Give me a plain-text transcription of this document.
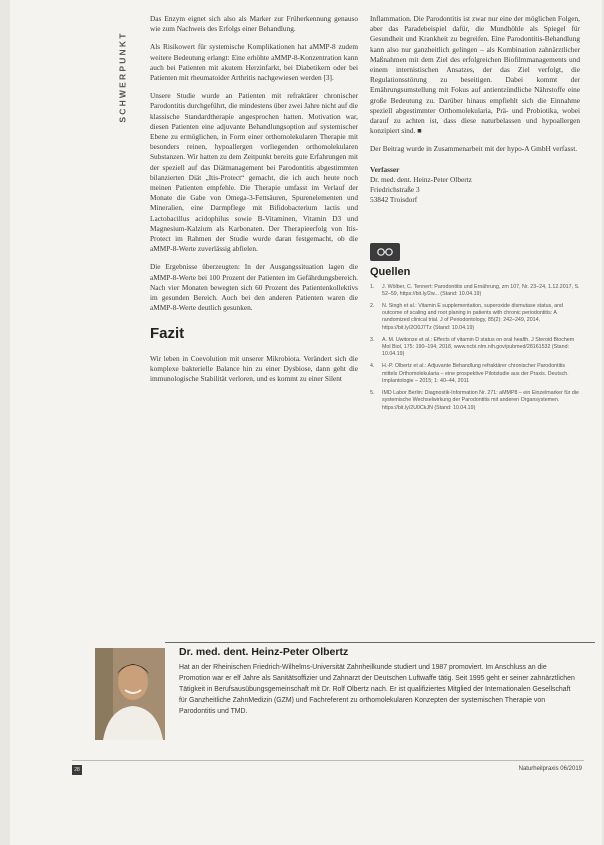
SCHWERPUNKT

Das Enzym eignet sich also als Marker zur Früherkennung genauso wie zum Nachweis des Erfolgs einer Behandlung.

Als Risikowert für systemische Komplikationen hat aMMP-8 zudem weitere Bedeutung erlangt: Eine erhöhte aMMP-8-Konzentration kann auch bei Patienten mit akutem Herzinfarkt, bei Diabetikern oder bei Patienten mit rheumatoider Arthritis nachgewiesen werden [3].

Unsere Studie wurde an Patienten mit refraktärer chronischer Parodontitis durchgeführt, die mindestens über zwei Jahre nicht auf die klassische Standardtherapie angesprochen hatten. Motivation war, diesen Patienten eine adjuvante Behandlungsoption auf systemischer Ebene zu ermöglichen, in Form einer orthomolekularen Therapie mit besonders reinen, hypoallergen vorliegenden orthomolekularen Substanzen. Wir hatten zu dem Zeitpunkt bereits gute Erfahrungen mit der speziell auf das Diätmanagement bei Parodontitis abgestimmten bilanzierten Diät „Itis-Protect“ gemacht, die ich auch heute noch meinen Patienten empfehle. Die Therapie umfasst im Verlauf der Monate die Gabe von Omega-3-Fettsäuren, Spurenelementen und Mineralien, eine Darmpflege mit Bifidobacterium lactis und Lactobacillus acidophilus sowie B-Vitaminen, Vitamin D3 und Magnesium-Kalzium als Karbonaten. Der Therapieerfolg von Itis-Protect im Rahmen der Studie wurde daran festgemacht, ob die aMMP-8-Werte zuverlässig abfielen.

Die Ergebnisse überzeugten: In der Ausgangssituation lagen die aMMP-8-Werte bei 100 Prozent der Patienten im Gefährdungsbereich. Nach vier Monaten bewegten sich 60 Prozent des Patientenkollektivs im gesunden Bereich. Auch bei den anderen Patienten waren die aMMP-8-Werte deutlich gesunken.

Fazit

Wir leben in Coevolution mit unserer Mikrobiota. Verändert sich die komplexe bakterielle Balance hin zu einer Dysbiose, dann geht die immunologische Stabilität verloren, und es kommt zu einer Silent

Inflammation. Die Parodontitis ist zwar nur eine der möglichen Folgen, aber das Paradebeispiel dafür, die Mundhöhle als Spiegel für Gesundheit und Krankheit zu begreifen. Eine Parodontitis-Behandlung kann also nur ganzheitlich gelingen – als Kombination zahnärztlicher Maßnahmen mit dem Ziel des erfolgreichen Biofilmmanagements und einem internistischen Ansatzes, der das Ziel verfolgt, die Regulationsstörung zu beseitigen. Dabei kommt der Ernährungsumstellung mit Fokus auf antientzündliche Nährstoffe eine große Bedeutung zu. Darüber hinaus empfiehlt sich die Einnahme speziell abgestimmter Orthomolekularia, Prä- und Probiotika, wobei darauf zu achten ist, dass diese naturbelassen und hypoallergen konzipiert sind. ■

Der Beitrag wurde in Zusammenarbeit mit der hypo-A GmbH verfasst.

Verfasser
Dr. med. dent. Heinz-Peter Olbertz
Friedrichstraße 3
53842 Troisdorf
Quellen
1.	J. Wölber, C. Tennert: Parodontitis und Ernährung, zm 107, Nr. 23–24, 1.12.2017, S. 52–59, https://bit.ly/2w... (Stand: 10.04.19)
2.	N. Singh et al.: Vitamin E supplementation, superoxide dismutase status, and outcome of scaling and root planing in patients with chronic periodontitis: A randomized clinical trial. J of Periodontology, 85(2): 242–249, 2014, https://bit.ly/2O0J7Tz (Stand: 10.04.19)
3.	A. M. Uwitonze et al.: Effects of vitamin D status on oral health. J Steroid Biochem Mol Biol, 175: 190–194, 2018, www.ncbi.nlm.nih.gov/pubmed/28161532 (Stand: 10.04.19)
4.	H.-P. Olbertz et al.: Adjuvante Behandlung refraktärer chronischer Parodontitis mittels Orthomolekularia – eine prospektive Pilotstudie aus der Praxis. Deutsch. Implantologie – 2015; 1: 40–44, 2011
5.	IMD Labor Berlin: Diagnostik-Information Nr. 271: aMMP8 – ein Einzelmarker für die systemische Wechselwirkung der Parodontitis mit anderen Organsystemen. https://bit.ly/2U0CkJN (Stand: 10.04.19)
Dr. med. dent. Heinz-Peter Olbertz

Hat an der Rheinischen Friedrich-Wilhelms-Universität Zahnheilkunde studiert und 1987 promoviert. Im Anschluss an die Promotion war er elf Jahre als Sanitätsoffizier und Zahnarzt der Deutschen Luftwaffe tätig. Seit 1995 geht er seiner zahnärztlichen Tätigkeit in Berufsausübungsgemeinschaft mit Dr. Rolf Olbertz nach. Er ist qualifiziertes Mitglied der Internationalen Gesellschaft für Ganzheitliche ZahnMedizin (GZM) und Fachreferent zu orthomolekularen Konzepten der systemischen Therapie von Parodontitis und TMD.

28	Naturheilpraxis 06/2019
